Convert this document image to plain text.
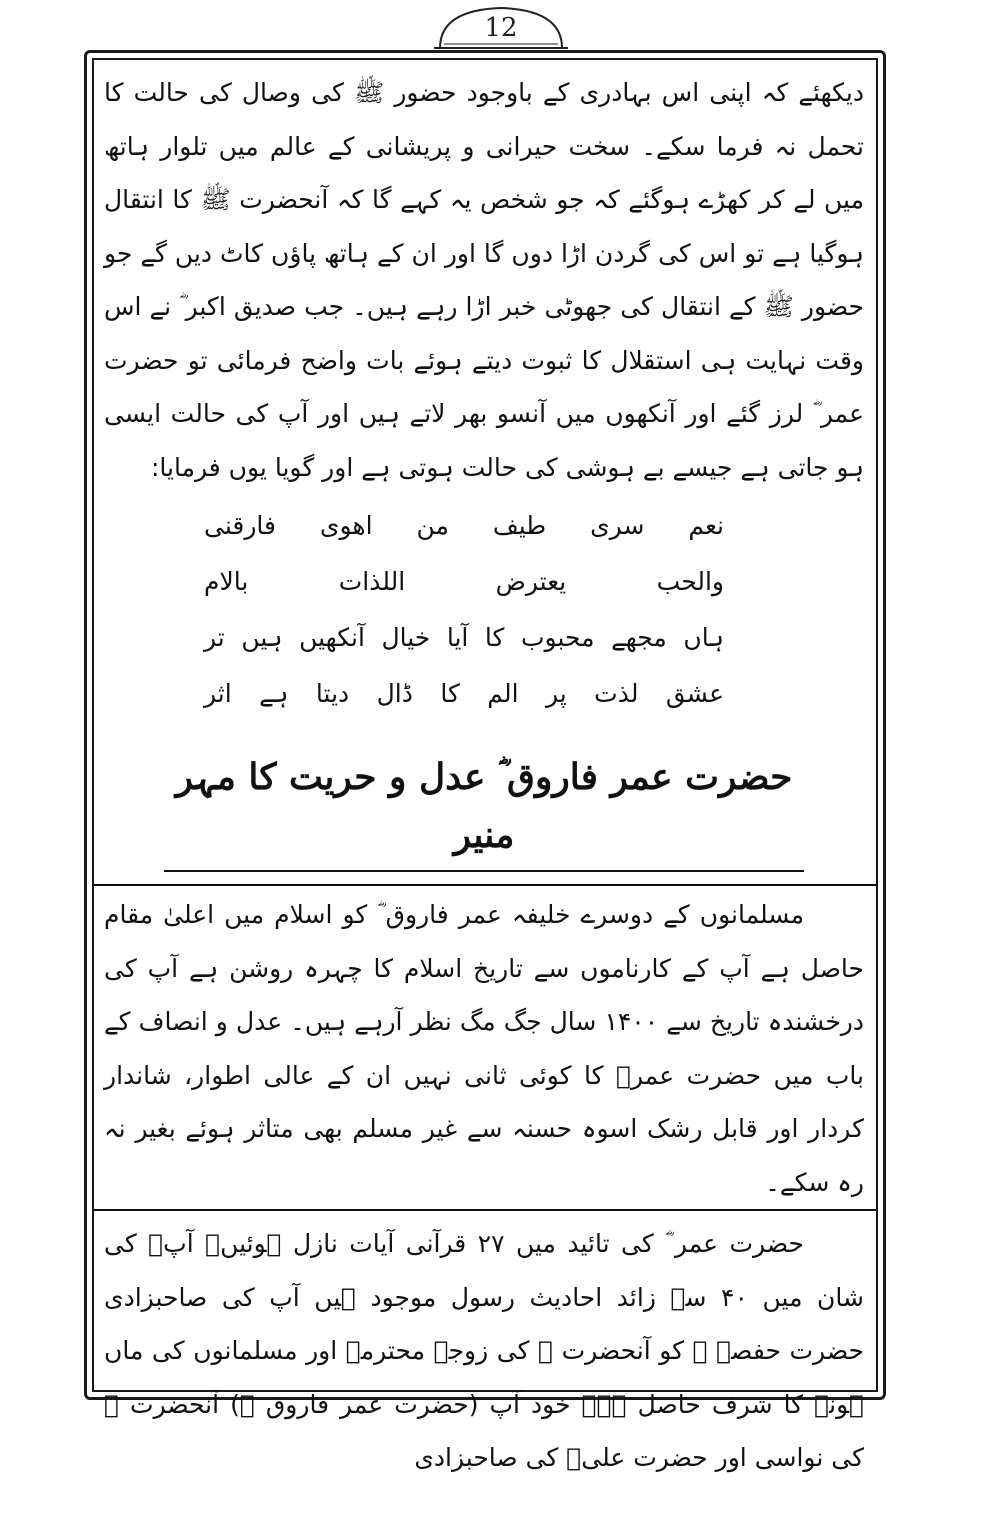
12

دیکھئے کہ اپنی اس بہادری کے باوجود حضور ﷺ کی وصال کی حالت کا تحمل نہ فرما سکے۔ سخت حیرانی و پریشانی کے عالم میں تلوار ہاتھ میں لے کر کھڑے ہوگئے کہ جو شخص یہ کہے گا کہ آنحضرت ﷺ کا انتقال ہوگیا ہے تو اس کی گردن اڑا دوں گا اور ان کے ہاتھ پاؤں کاٹ دیں گے جو حضور ﷺ کے انتقال کی جھوٹی خبر اڑا رہے ہیں۔ جب صدیق اکبر ؓ نے اس وقت نہایت ہی استقلال کا ثبوت دیتے ہوئے بات واضح فرمائی تو حضرت عمر ؓ لرز گئے اور آنکھوں میں آنسو بھر لاتے ہیں اور آپ کی حالت ایسی ہو جاتی ہے جیسے بے ہوشی کی حالت ہوتی ہے اور گویا یوں فرمایا:

نعم سری طیف من اھوی فارقنی

والحب یعترض اللذات بالام

ہاں مجھے محبوب کا آیا خیال آنکھیں ہیں تر

عشق لذت پر الم کا ڈال دیتا ہے اثر

حضرت عمر فاروق ؓ عدل و حریت کا مہر منیر

مسلمانوں کے دوسرے خلیفہ عمر فاروق ؓ کو اسلام میں اعلیٰ مقام حاصل ہے آپ کے کارناموں سے تاریخ اسلام کا چہرہ روشن ہے آپ کی درخشندہ تاریخ سے ۱۴۰۰ سال جگ مگ نظر آرہے ہیں۔ عدل و انصاف کے باب میں حضرت عمرؓ کا کوئی ثانی نہیں ان کے عالی اطوار، شاندار کردار اور قابل رشک اسوہ حسنہ سے غیر مسلم بھی متاثر ہوئے بغیر نہ رہ سکے۔

حضرت عمر ؓ کی تائید میں ۲۷ قرآنی آیات نازل ہوئیں۔ آپؓ کی شان میں ۴۰ سے زائد احادیث رسول موجود ہیں آپ کی صاحبزادی حضرت حفصہ ؓ کو آنحضرت ﷺ کی زوجہ محترمہ اور مسلمانوں کی ماں ہونے کا شرف حاصل ہے۔ خود آپ (حضرت عمر فاروق ؓ) آنحضرت ﷺ کی نواسی اور حضرت علیؓ کی صاحبزادی
